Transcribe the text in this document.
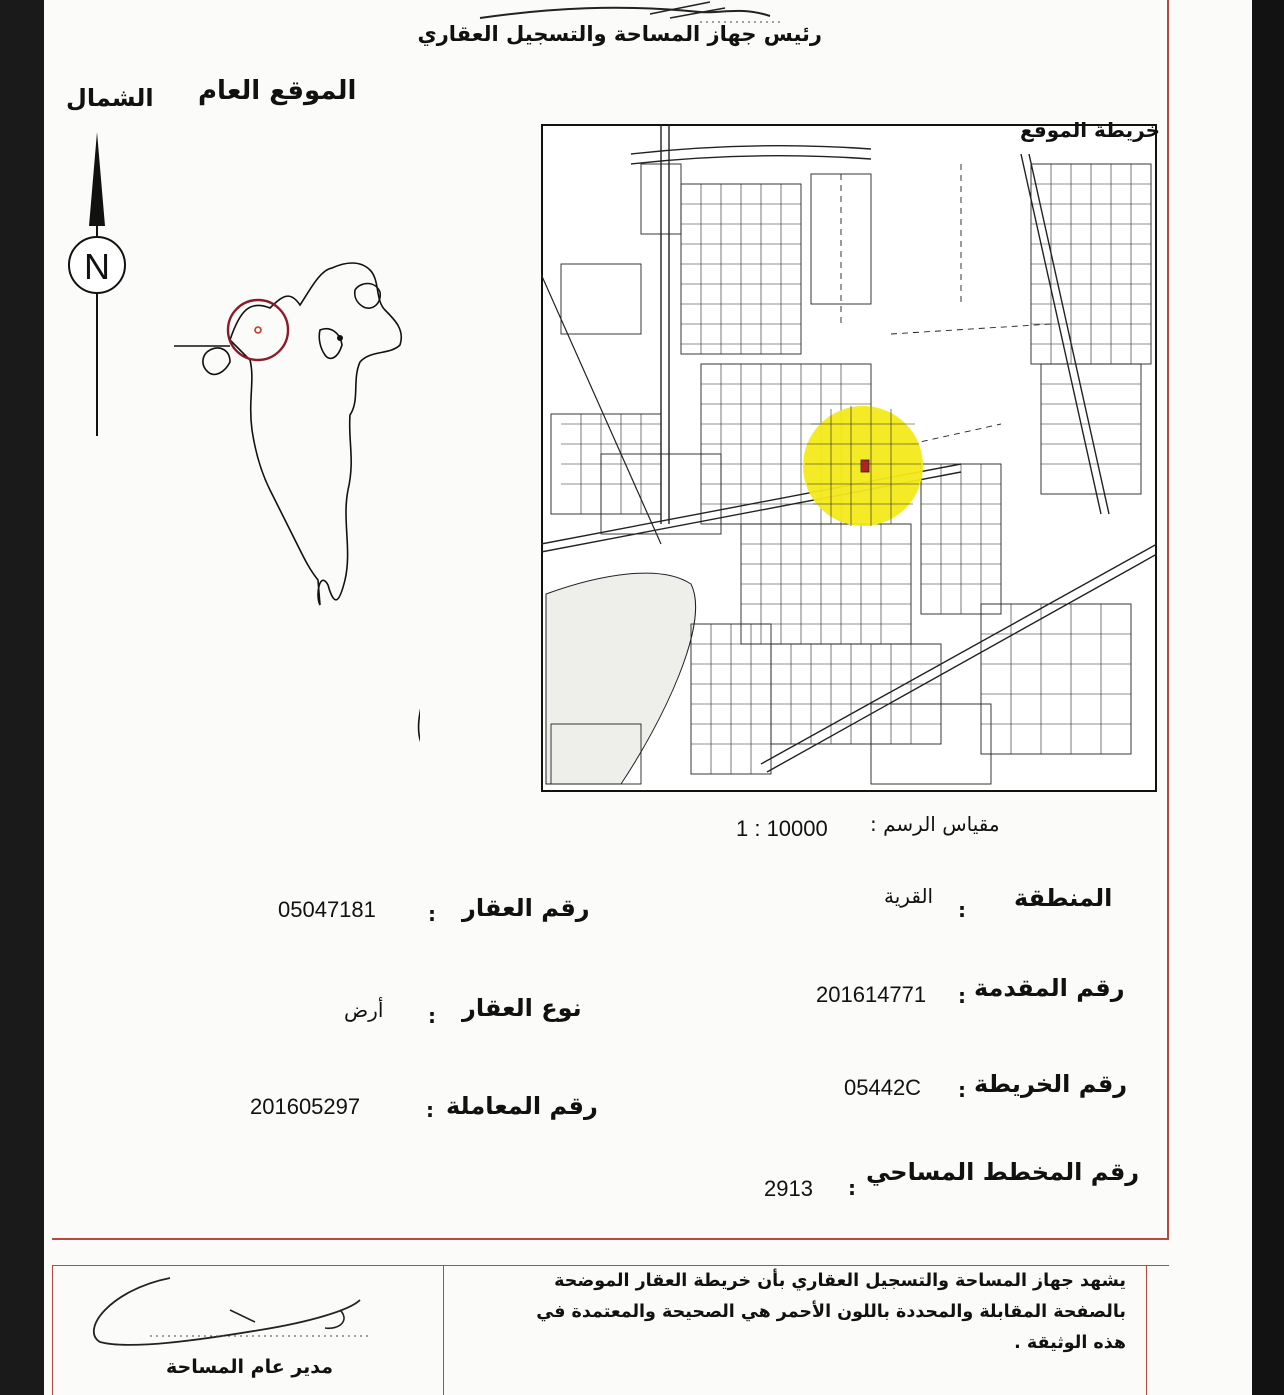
رئيس جهاز المساحة والتسجيل العقاري
الشمال الموقع العام
N
خريطة الموقع
مقياس الرسم :
1 : 10000
المنطقة
:
القرية
رقم العقار
:
05047181
رقم المقدمة
:
201614771
نوع العقار
:
أرض
رقم الخريطة
:
05442C
رقم المعاملة
:
201605297
رقم المخطط المساحي
:
2913
يشهد جهاز المساحة والتسجيل العقاري بأن خريطة العقار الموضحة بالصفحة المقابلة والمحددة باللون الأحمر هي الصحيحة والمعتمدة في هذه الوثيقة .
مدير عام المساحة
